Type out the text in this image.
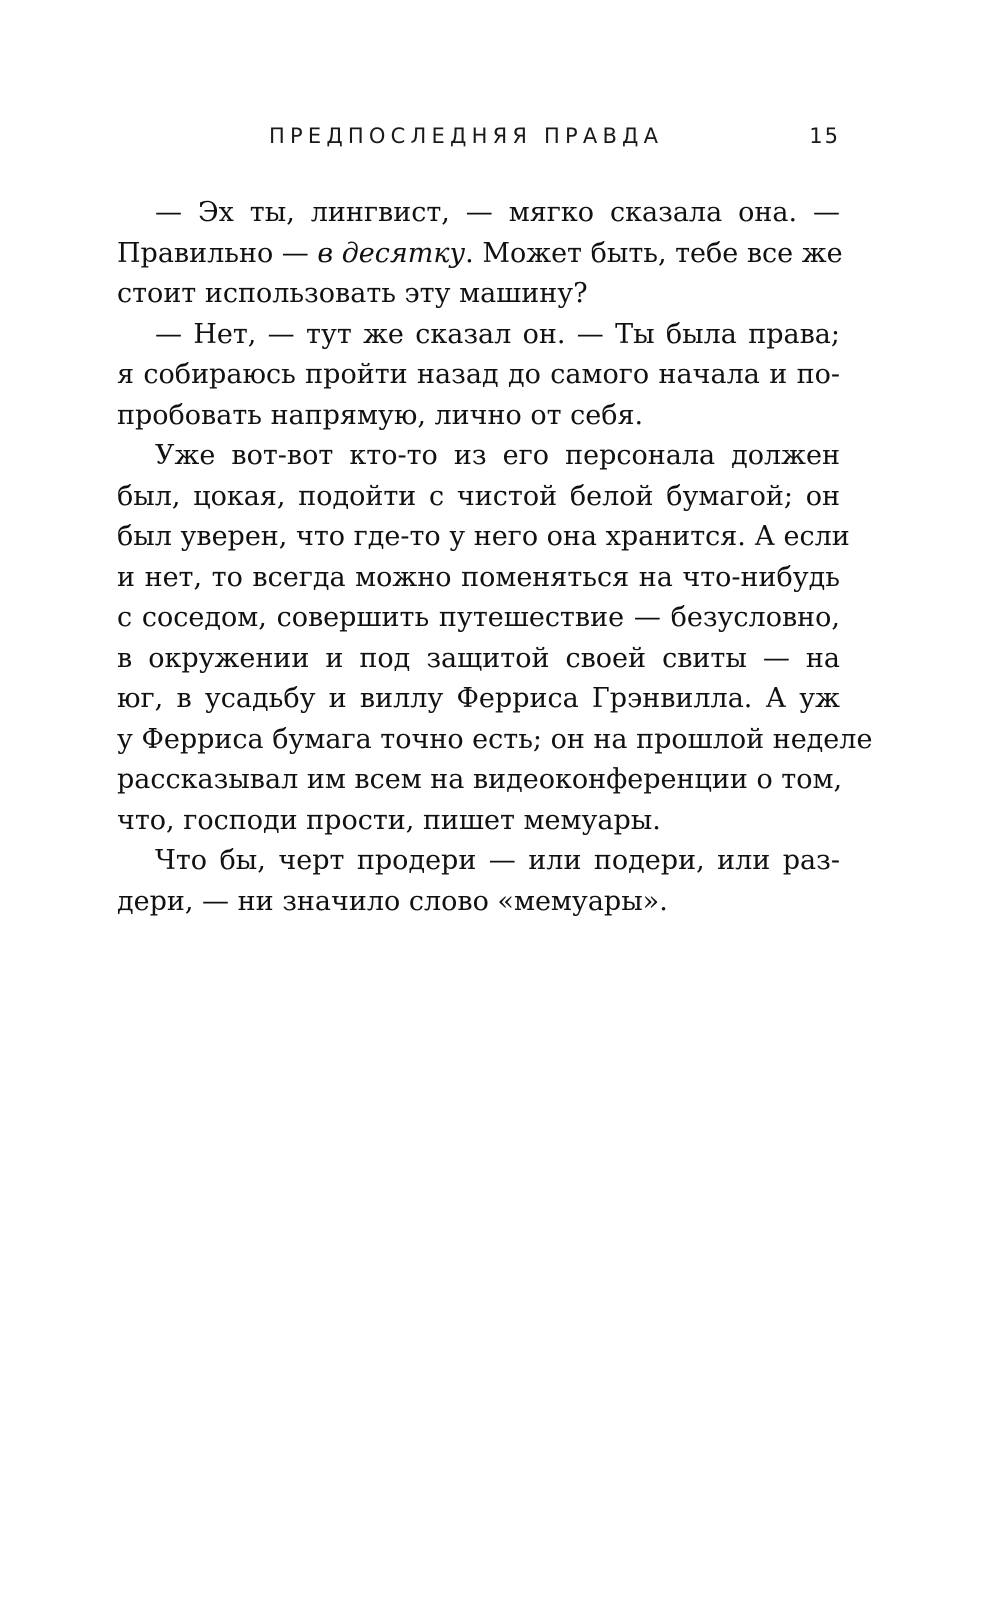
ПРЕДПОСЛЕДНЯЯ ПРАВДА	15
— Эх ты, лингвист, — мягко сказала она. —
Правильно — в десятку. Может быть, тебе все же
стоит использовать эту машину?
— Нет, — тут же сказал он. — Ты была права;
я собираюсь пройти назад до самого начала и по-
пробовать напрямую, лично от себя.
Уже вот-вот кто-то из его персонала должен
был, цокая, подойти с чистой белой бумагой; он
был уверен, что где-то у него она хранится. А если
и нет, то всегда можно поменяться на что-нибудь
с соседом, совершить путешествие — безусловно,
в окружении и под защитой своей свиты — на
юг, в усадьбу и виллу Ферриса Грэнвилла. А уж
у Ферриса бумага точно есть; он на прошлой неделе
рассказывал им всем на видеоконференции о том,
что, господи прости, пишет мемуары.
Что бы, черт продери — или подери, или раз-
дери, — ни значило слово «мемуары».
